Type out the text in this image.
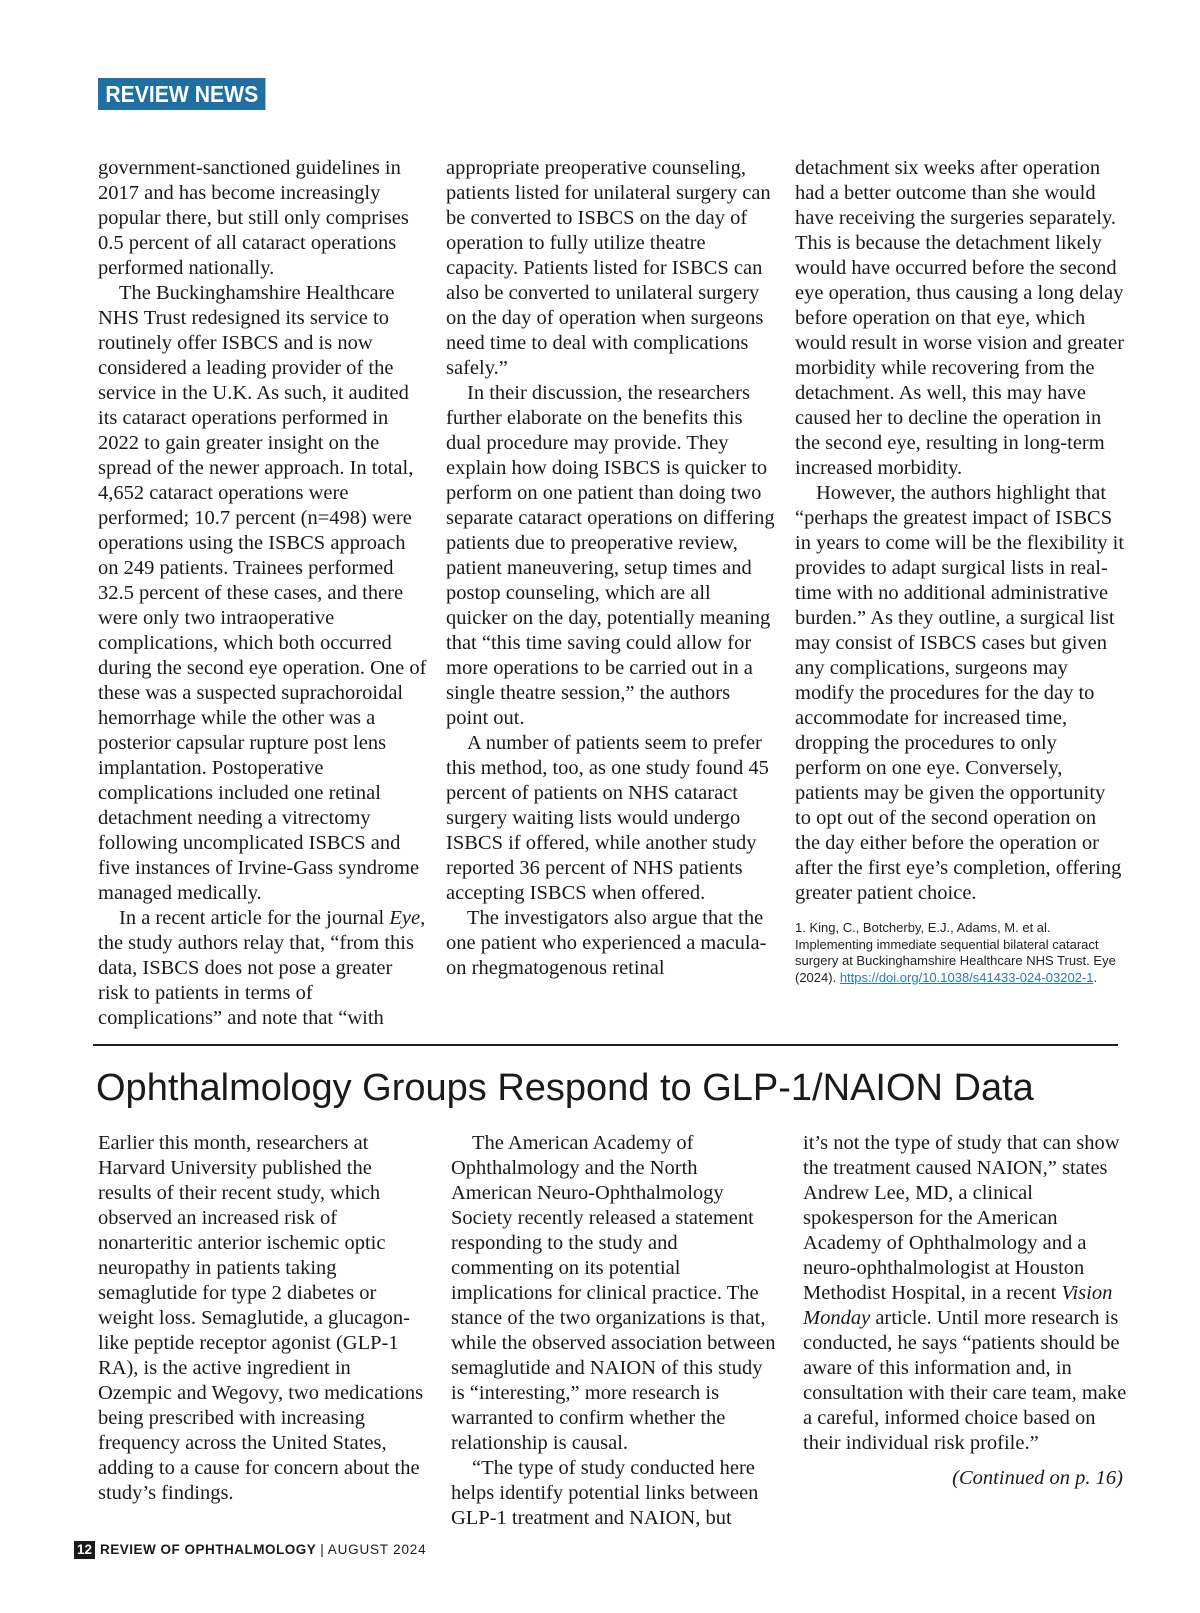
REVIEW NEWS

government-sanctioned guidelines in 2017 and has become increasingly popular there, but still only comprises 0.5 percent of all cataract operations performed nationally.

The Buckinghamshire Healthcare NHS Trust redesigned its service to routinely offer ISBCS and is now considered a leading provider of the service in the U.K. As such, it audited its cataract operations performed in 2022 to gain greater insight on the spread of the newer approach. In total, 4,652 cataract operations were performed; 10.7 percent (n=498) were operations using the ISBCS approach on 249 patients. Trainees performed 32.5 percent of these cases, and there were only two intraoperative complications, which both occurred during the second eye operation. One of these was a suspected suprachoroidal hemorrhage while the other was a posterior capsular rupture post lens implantation. Postoperative complications included one retinal detachment needing a vitrectomy following uncomplicated ISBCS and five instances of Irvine-Gass syndrome managed medically.

In a recent article for the journal Eye, the study authors relay that, “from this data, ISBCS does not pose a greater risk to patients in terms of complications” and note that “with

appropriate preoperative counseling, patients listed for unilateral surgery can be converted to ISBCS on the day of operation to fully utilize theatre capacity. Patients listed for ISBCS can also be converted to unilateral surgery on the day of operation when surgeons need time to deal with complications safely.”

In their discussion, the researchers further elaborate on the benefits this dual procedure may provide. They explain how doing ISBCS is quicker to perform on one patient than doing two separate cataract operations on differing patients due to preoperative review, patient maneuvering, setup times and postop counseling, which are all quicker on the day, potentially meaning that “this time saving could allow for more operations to be carried out in a single theatre session,” the authors point out.

A number of patients seem to prefer this method, too, as one study found 45 percent of patients on NHS cataract surgery waiting lists would undergo ISBCS if offered, while another study reported 36 percent of NHS patients accepting ISBCS when offered.

The investigators also argue that the one patient who experienced a macula-on rhegmatogenous retinal

detachment six weeks after operation had a better outcome than she would have receiving the surgeries separately. This is because the detachment likely would have occurred before the second eye operation, thus causing a long delay before operation on that eye, which would result in worse vision and greater morbidity while recovering from the detachment. As well, this may have caused her to decline the operation in the second eye, resulting in long-term increased morbidity.

However, the authors highlight that “perhaps the greatest impact of ISBCS in years to come will be the flexibility it provides to adapt surgical lists in real-time with no additional administrative burden.” As they outline, a surgical list may consist of ISBCS cases but given any complications, surgeons may modify the procedures for the day to accommodate for increased time, dropping the procedures to only perform on one eye. Conversely, patients may be given the opportunity to opt out of the second operation on the day either before the operation or after the first eye’s completion, offering greater patient choice.

1. King, C., Botcherby, E.J., Adams, M. et al. Implementing immediate sequential bilateral cataract surgery at Buckinghamshire Healthcare NHS Trust. Eye (2024). https://doi.org/10.1038/s41433-024-03202-1.
Ophthalmology Groups Respond to GLP-1/NAION Data

Earlier this month, researchers at Harvard University published the results of their recent study, which observed an increased risk of nonarteritic anterior ischemic optic neuropathy in patients taking semaglutide for type 2 diabetes or weight loss. Semaglutide, a glucagon-like peptide receptor agonist (GLP-1 RA), is the active ingredient in Ozempic and Wegovy, two medications being prescribed with increasing frequency across the United States, adding to a cause for concern about the study’s findings.

The American Academy of Ophthalmology and the North American Neuro-Ophthalmology Society recently released a statement responding to the study and commenting on its potential implications for clinical practice. The stance of the two organizations is that, while the observed association between semaglutide and NAION of this study is “interesting,” more research is warranted to confirm whether the relationship is causal.

“The type of study conducted here helps identify potential links between GLP-1 treatment and NAION, but

it’s not the type of study that can show the treatment caused NAION,” states Andrew Lee, MD, a clinical spokesperson for the American Academy of Ophthalmology and a neuro-ophthalmologist at Houston Methodist Hospital, in a recent Vision Monday article. Until more research is conducted, he says “patients should be aware of this information and, in consultation with their care team, make a careful, informed choice based on their individual risk profile.”

(Continued on p. 16)

12 REVIEW OF OPHTHALMOLOGY | AUGUST 2024
